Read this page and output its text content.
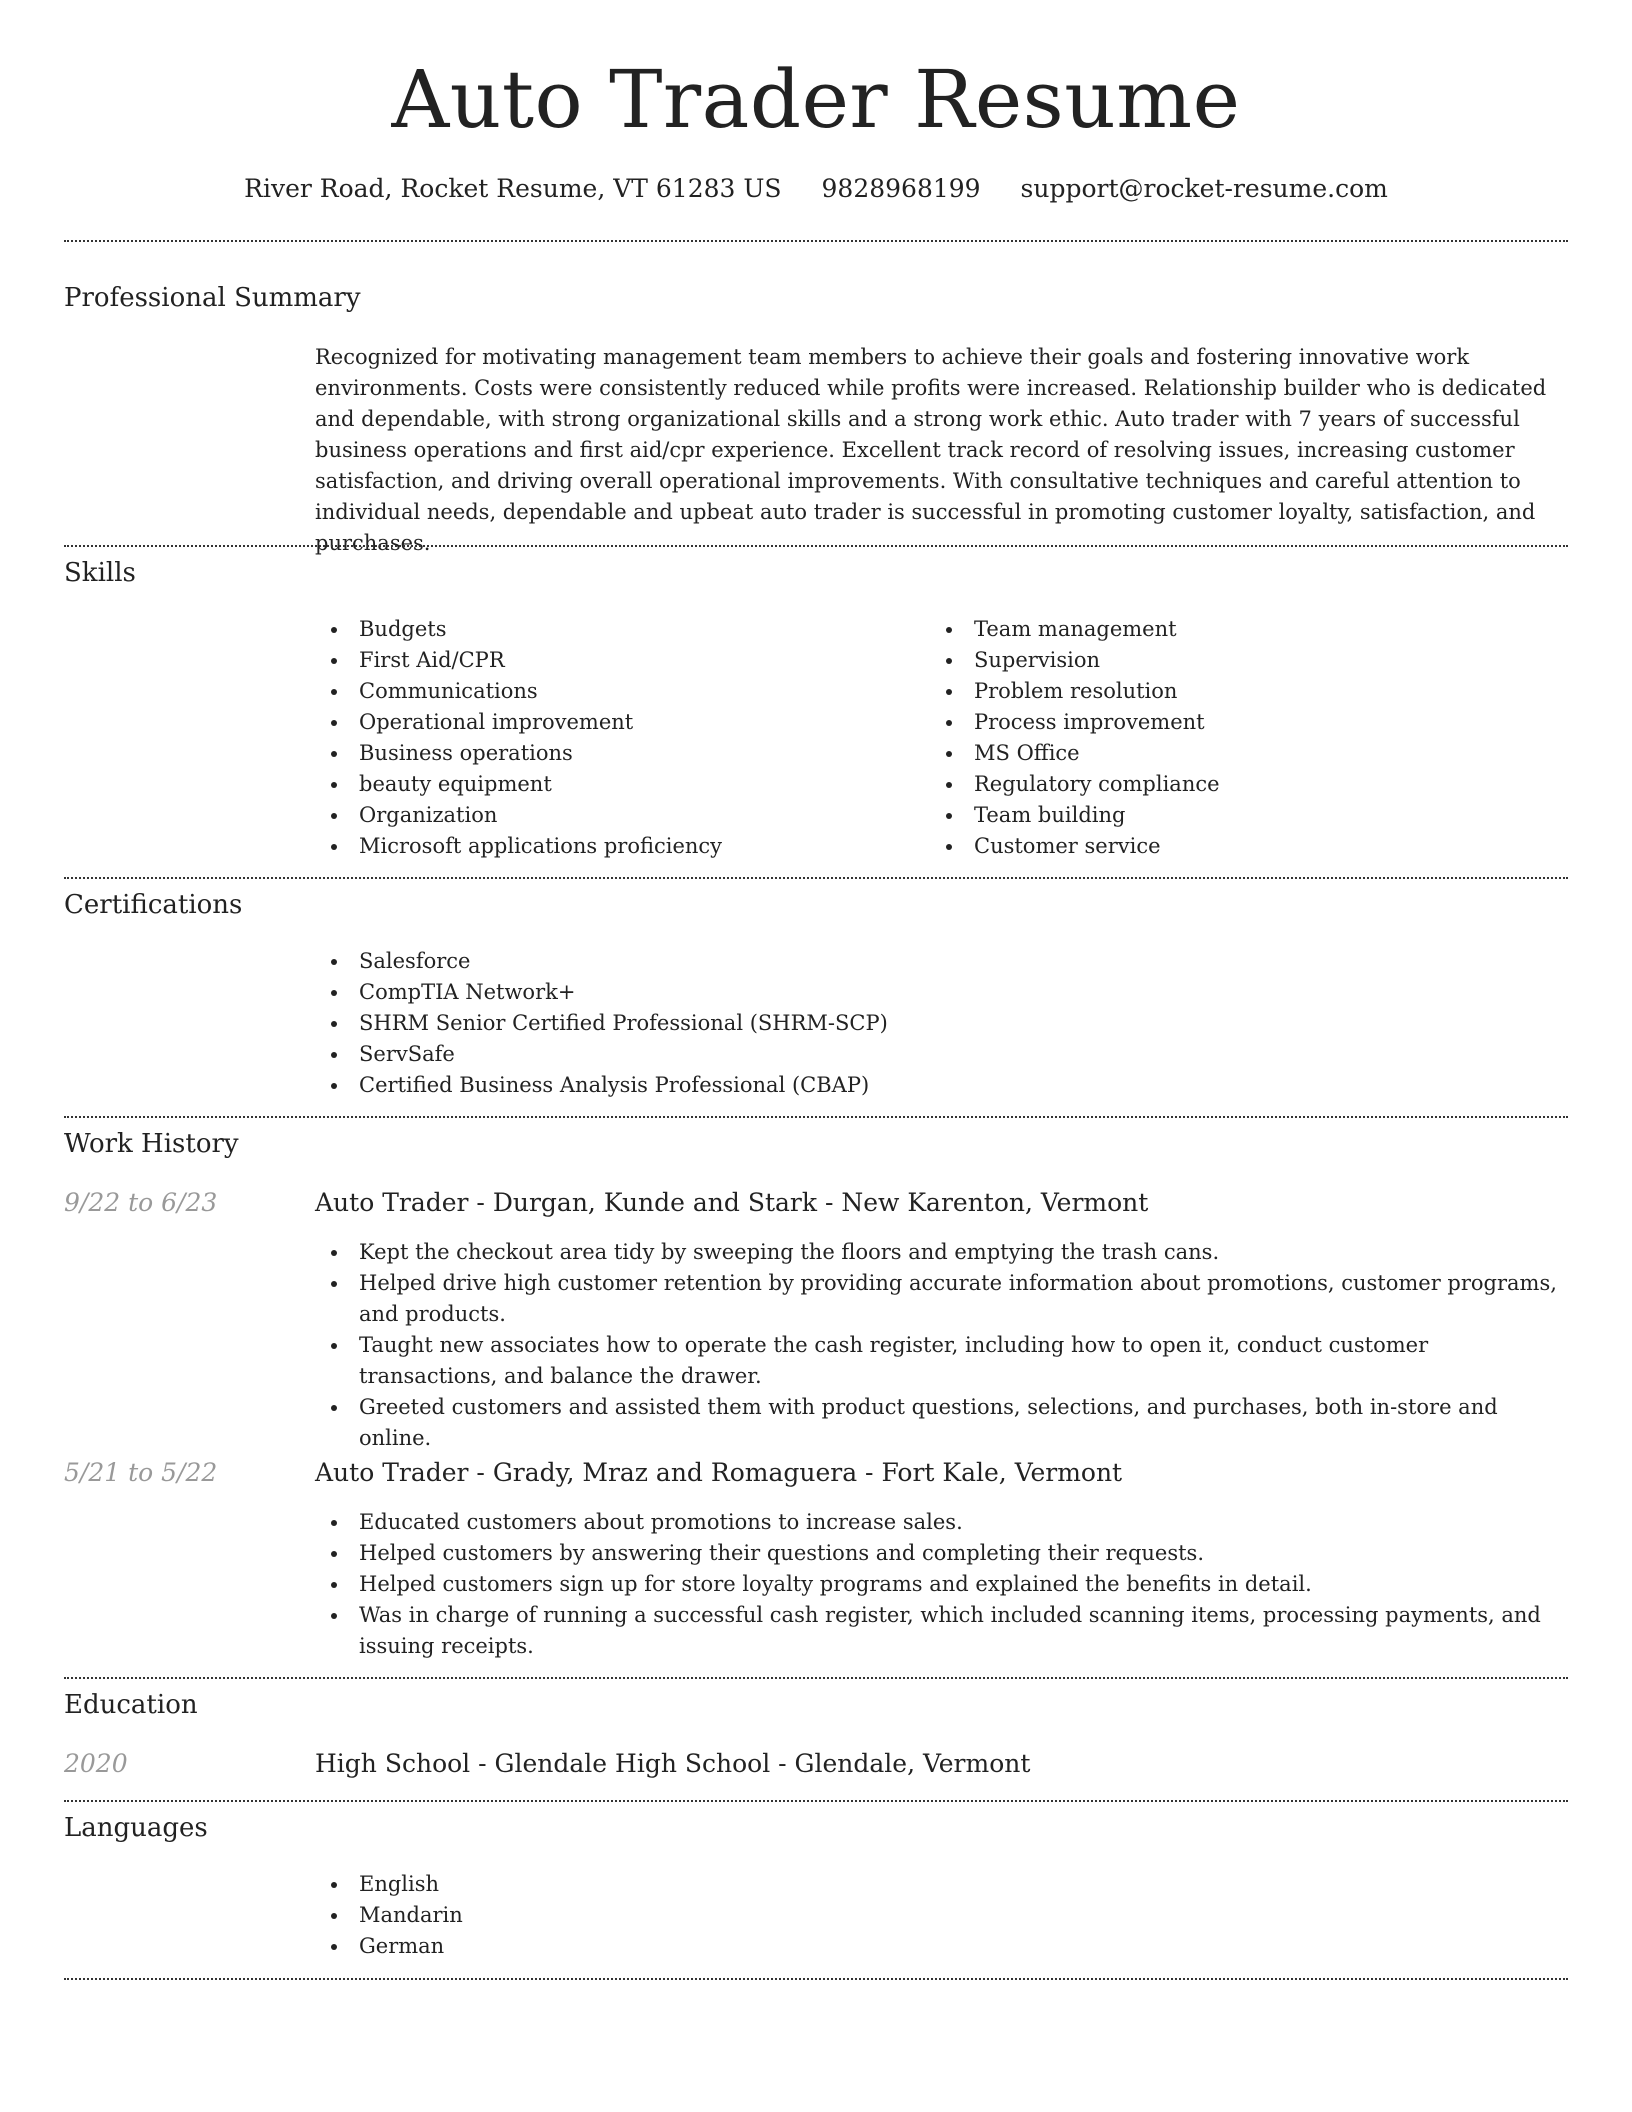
Auto Trader Resume
River Road, Rocket Resume, VT 61283 US 9828968199 support@rocket-resume.com
Professional Summary
Recognized for motivating management team members to achieve their goals and fostering innovative work environments. Costs were consistently reduced while profits were increased. Relationship builder who is dedicated and dependable, with strong organizational skills and a strong work ethic. Auto trader with 7 years of successful business operations and first aid/cpr experience. Excellent track record of resolving issues, increasing customer satisfaction, and driving overall operational improvements. With consultative techniques and careful attention to individual needs, dependable and upbeat auto trader is successful in promoting customer loyalty, satisfaction, and purchases.
Skills
Budgets
First Aid/CPR
Communications
Operational improvement
Business operations
beauty equipment
Organization
Microsoft applications proficiency
Team management
Supervision
Problem resolution
Process improvement
MS Office
Regulatory compliance
Team building
Customer service
Certifications
Salesforce
CompTIA Network+
SHRM Senior Certified Professional (SHRM-SCP)
ServSafe
Certified Business Analysis Professional (CBAP)
Work History
9/22 to 6/23	Auto Trader - Durgan, Kunde and Stark - New Karenton, Vermont
Kept the checkout area tidy by sweeping the floors and emptying the trash cans.
Helped drive high customer retention by providing accurate information about promotions, customer programs, and products.
Taught new associates how to operate the cash register, including how to open it, conduct customer transactions, and balance the drawer.
Greeted customers and assisted them with product questions, selections, and purchases, both in-store and online.
5/21 to 5/22	Auto Trader - Grady, Mraz and Romaguera - Fort Kale, Vermont
Educated customers about promotions to increase sales.
Helped customers by answering their questions and completing their requests.
Helped customers sign up for store loyalty programs and explained the benefits in detail.
Was in charge of running a successful cash register, which included scanning items, processing payments, and issuing receipts.
Education
2020	High School - Glendale High School - Glendale, Vermont
Languages
English
Mandarin
German
